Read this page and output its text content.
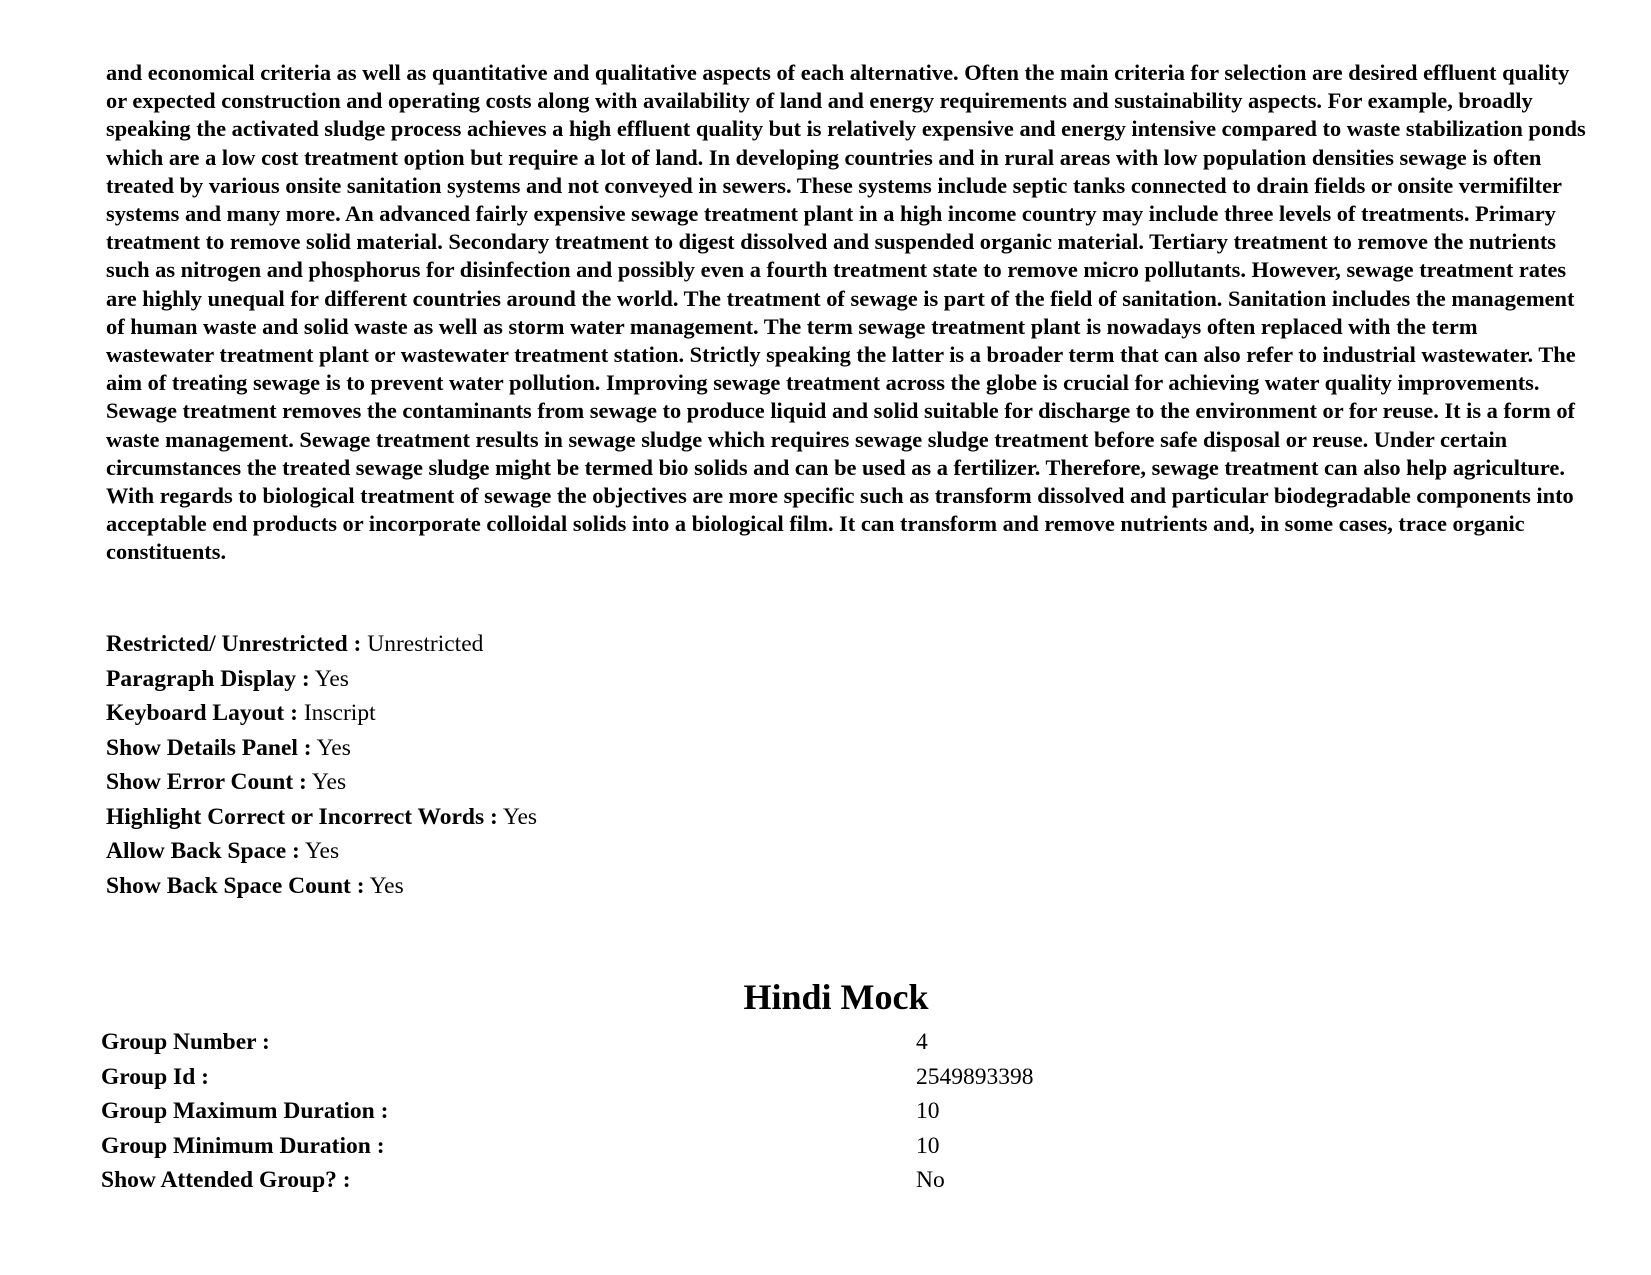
and economical criteria as well as quantitative and qualitative aspects of each alternative. Often the main criteria for selection are desired effluent quality or expected construction and operating costs along with availability of land and energy requirements and sustainability aspects. For example, broadly speaking the activated sludge process achieves a high effluent quality but is relatively expensive and energy intensive compared to waste stabilization ponds which are a low cost treatment option but require a lot of land. In developing countries and in rural areas with low population densities sewage is often treated by various onsite sanitation systems and not conveyed in sewers. These systems include septic tanks connected to drain fields or onsite vermifilter systems and many more. An advanced fairly expensive sewage treatment plant in a high income country may include three levels of treatments. Primary treatment to remove solid material. Secondary treatment to digest dissolved and suspended organic material. Tertiary treatment to remove the nutrients such as nitrogen and phosphorus for disinfection and possibly even a fourth treatment state to remove micro pollutants. However, sewage treatment rates are highly unequal for different countries around the world. The treatment of sewage is part of the field of sanitation. Sanitation includes the management of human waste and solid waste as well as storm water management. The term sewage treatment plant is nowadays often replaced with the term wastewater treatment plant or wastewater treatment station. Strictly speaking the latter is a broader term that can also refer to industrial wastewater. The aim of treating sewage is to prevent water pollution. Improving sewage treatment across the globe is crucial for achieving water quality improvements. Sewage treatment removes the contaminants from sewage to produce liquid and solid suitable for discharge to the environment or for reuse. It is a form of waste management. Sewage treatment results in sewage sludge which requires sewage sludge treatment before safe disposal or reuse. Under certain circumstances the treated sewage sludge might be termed bio solids and can be used as a fertilizer. Therefore, sewage treatment can also help agriculture. With regards to biological treatment of sewage the objectives are more specific such as transform dissolved and particular biodegradable components into acceptable end products or incorporate colloidal solids into a biological film. It can transform and remove nutrients and, in some cases, trace organic constituents.

Restricted/ Unrestricted : Unrestricted
Paragraph Display : Yes
Keyboard Layout : Inscript
Show Details Panel : Yes
Show Error Count : Yes
Highlight Correct or Incorrect Words : Yes
Allow Back Space : Yes
Show Back Space Count : Yes
Hindi Mock
Group Number :	4
Group Id :	2549893398
Group Maximum Duration :	10
Group Minimum Duration :	10
Show Attended Group? :	No
